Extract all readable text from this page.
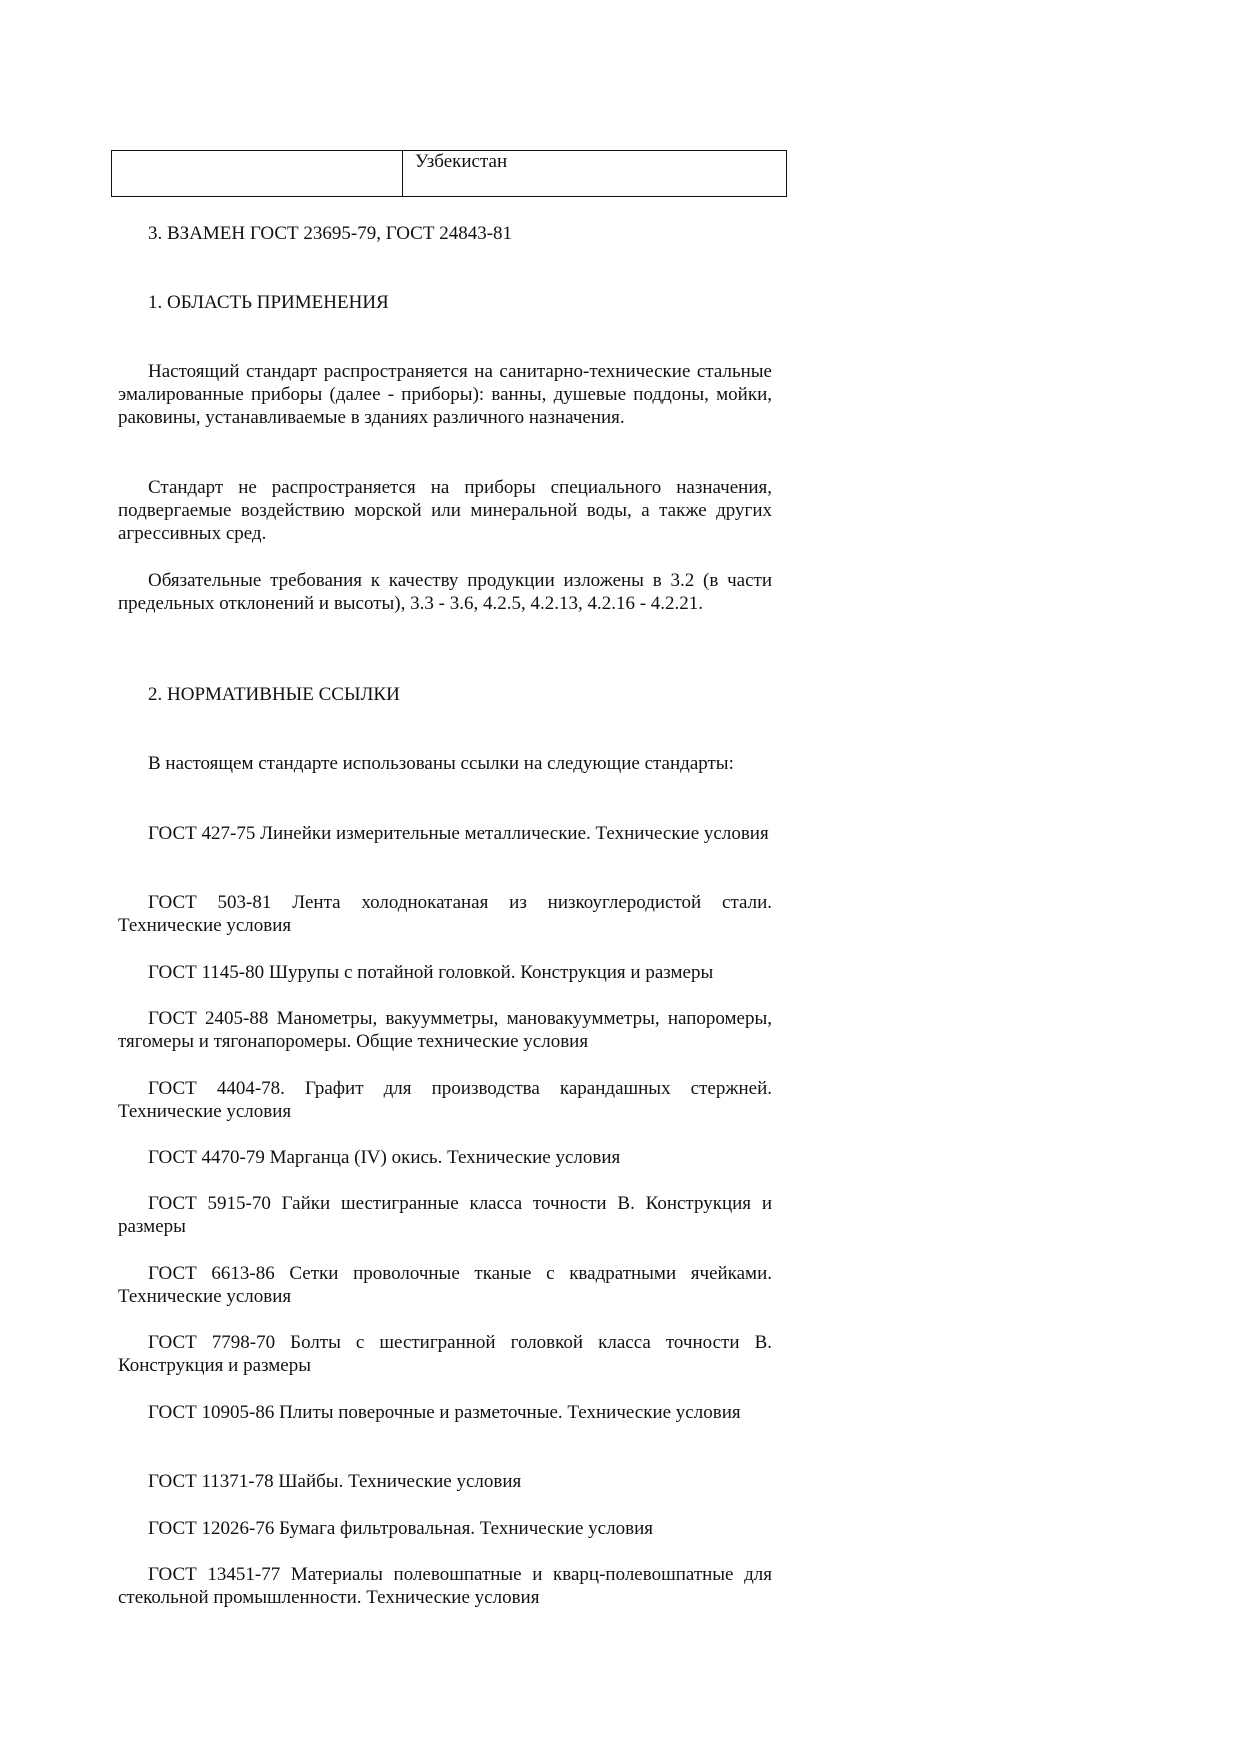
Узбекистан

3. ВЗАМЕН ГОСТ 23695-79, ГОСТ 24843-81

1. ОБЛАСТЬ ПРИМЕНЕНИЯ

Настоящий стандарт распространяется на санитарно-технические стальные эмалированные приборы (далее - приборы): ванны, душевые поддоны, мойки, раковины, устанавливаемые в зданиях различного назначения.

Стандарт не распространяется на приборы специального назначения, подвергаемые воздействию морской или минеральной воды, а также других агрессивных сред.

Обязательные требования к качеству продукции изложены в 3.2 (в части предельных отклонений и высоты), 3.3 - 3.6, 4.2.5, 4.2.13, 4.2.16 - 4.2.21.

2. НОРМАТИВНЫЕ ССЫЛКИ

В настоящем стандарте использованы ссылки на следующие стандарты:

ГОСТ 427-75 Линейки измерительные металлические. Технические условия

ГОСТ 503-81 Лента холоднокатаная из низкоуглеродистой стали. Технические условия

ГОСТ 1145-80 Шурупы с потайной головкой. Конструкция и размеры

ГОСТ 2405-88 Манометры, вакуумметры, мановакуумметры, напоромеры, тягомеры и тягонапоромеры. Общие технические условия

ГОСТ 4404-78. Графит для производства карандашных стержней. Технические условия

ГОСТ 4470-79 Марганца (IV) окись. Технические условия

ГОСТ 5915-70 Гайки шестигранные класса точности В. Конструкция и размеры

ГОСТ 6613-86 Сетки проволочные тканые с квадратными ячейками. Технические условия

ГОСТ 7798-70 Болты с шестигранной головкой класса точности В. Конструкция и размеры

ГОСТ 10905-86 Плиты поверочные и разметочные. Технические условия

ГОСТ 11371-78 Шайбы. Технические условия

ГОСТ 12026-76 Бумага фильтровальная. Технические условия

ГОСТ 13451-77 Материалы полевошпатные и кварц-полевошпатные для стекольной промышленности. Технические условия
